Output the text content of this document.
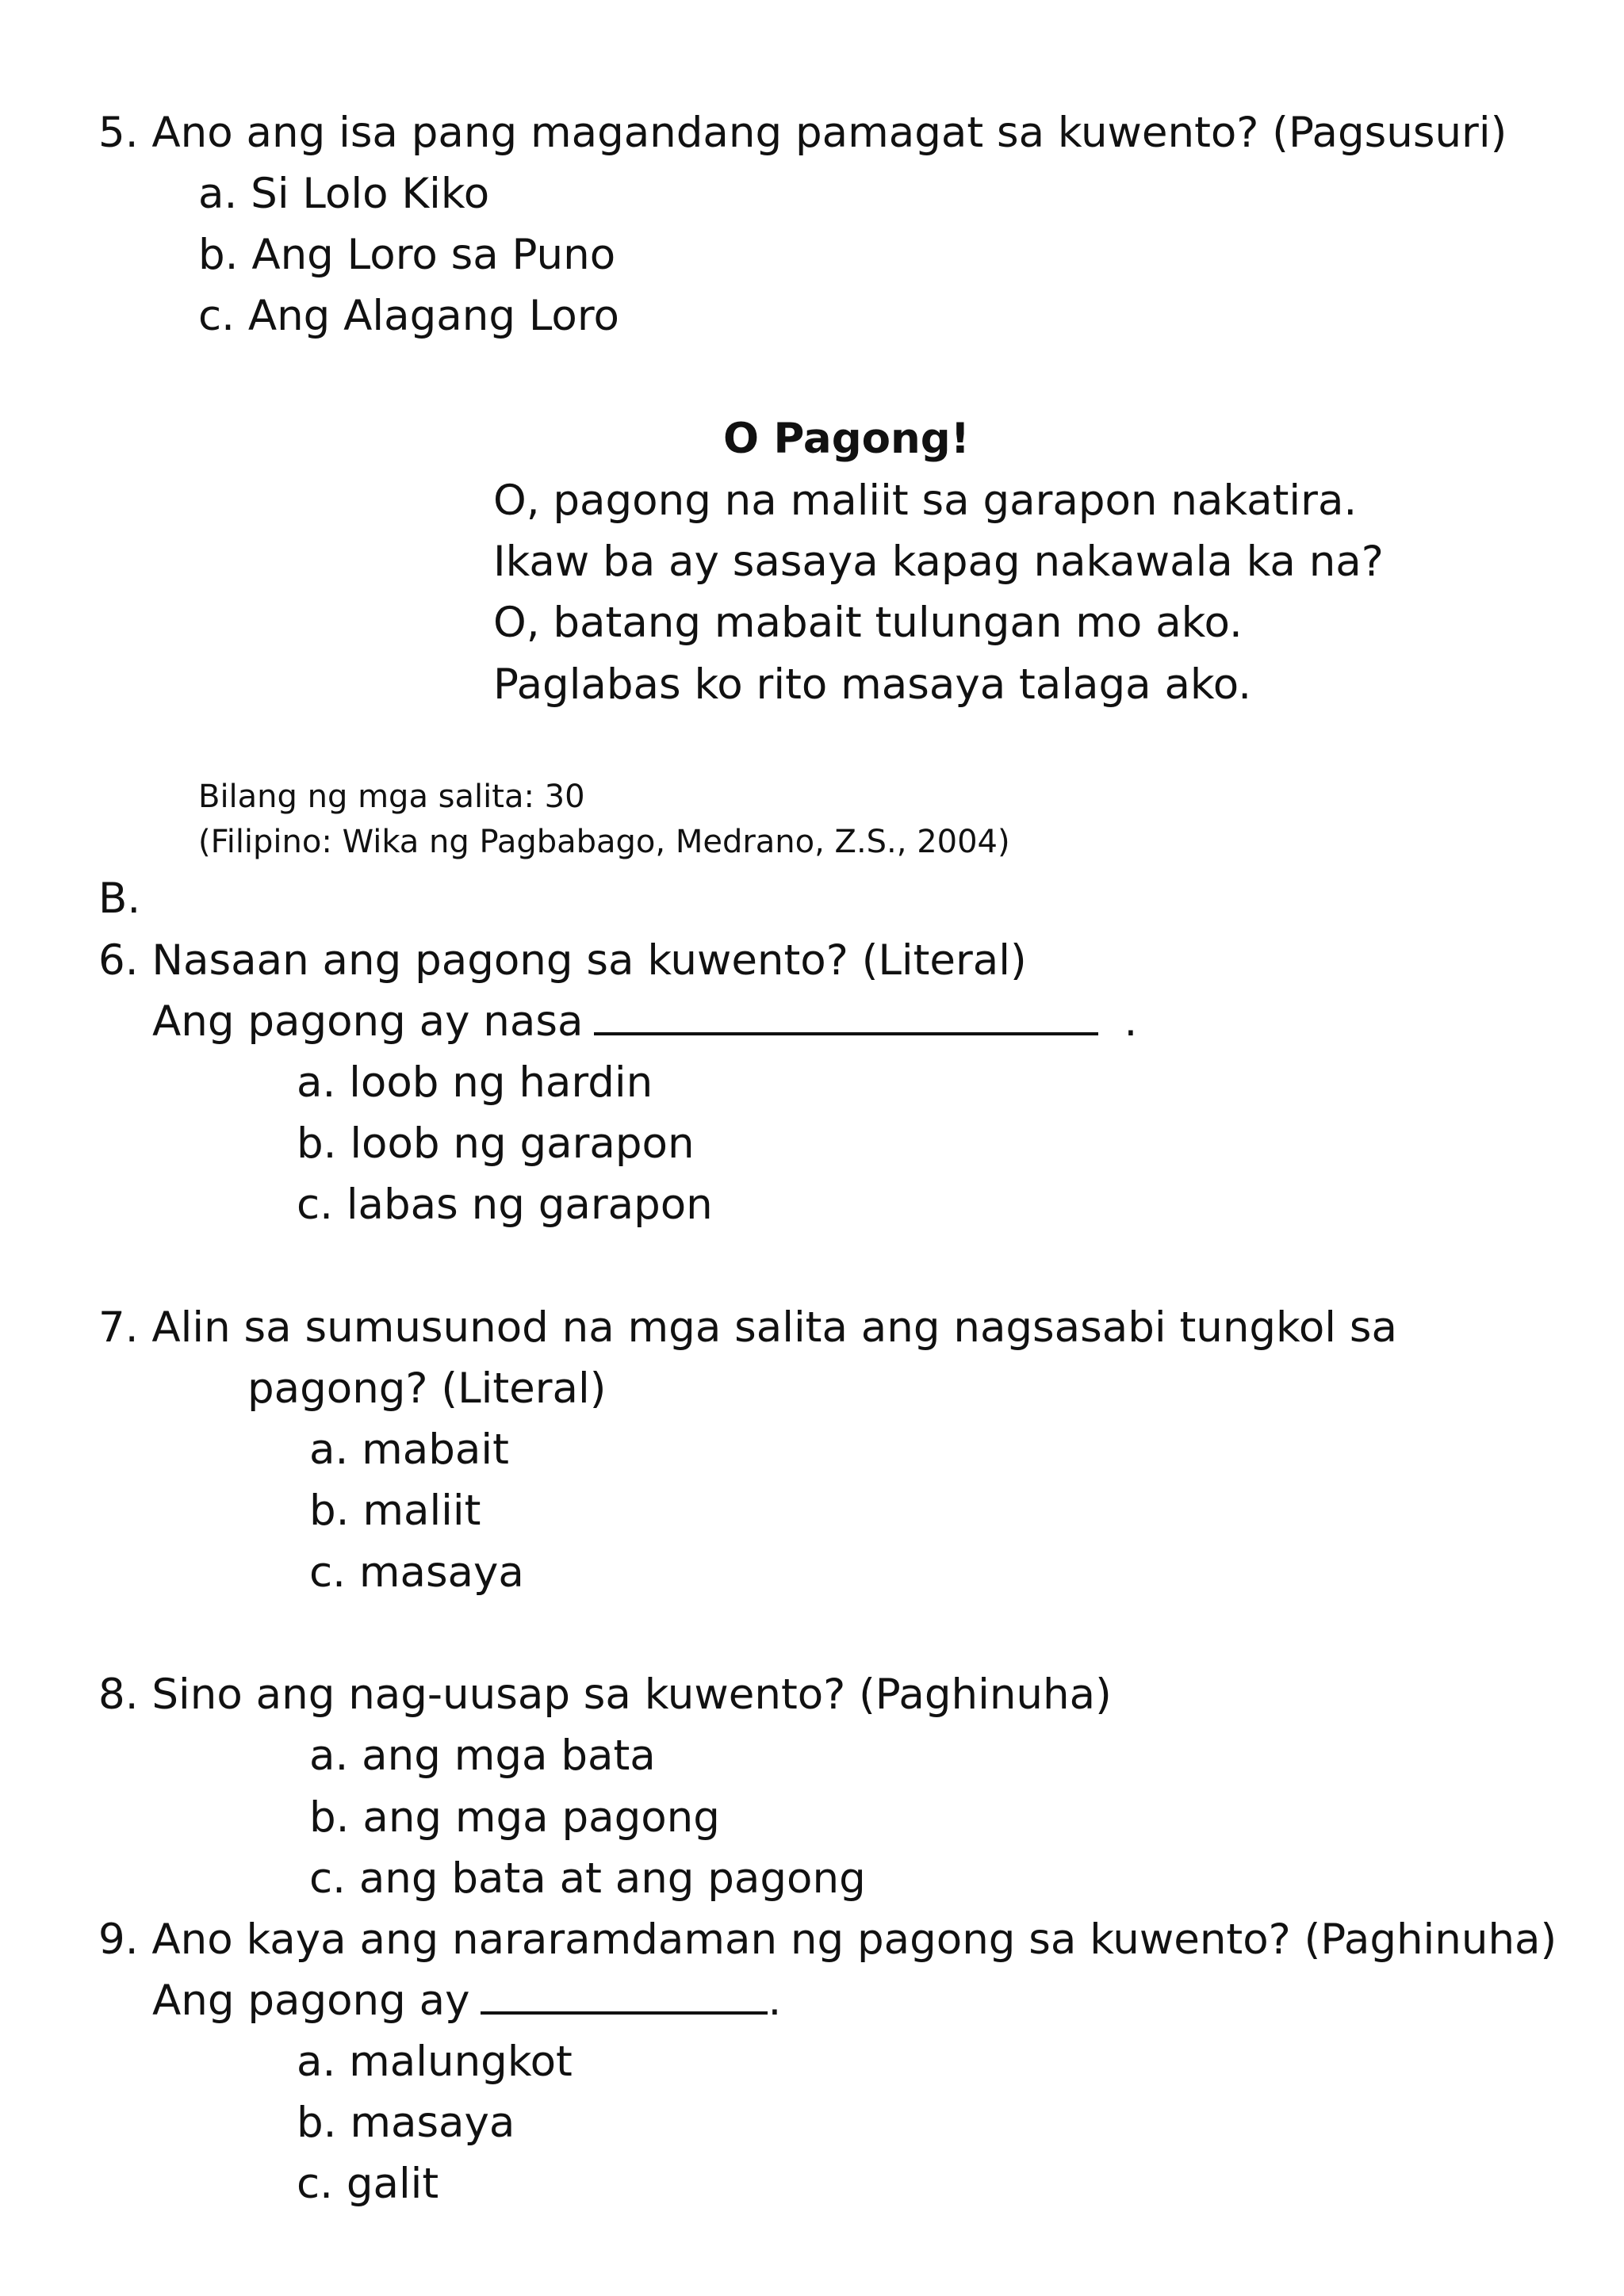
5. Ano ang isa pang magandang pamagat sa kuwento? (Pagsusuri)
a. Si Lolo Kiko
b. Ang Loro sa Puno
c. Ang Alagang Loro
O Pagong!
O, pagong na maliit sa garapon nakatira.
Ikaw ba ay sasaya kapag nakawala ka na?
O, batang mabait tulungan mo ako.
Paglabas ko rito masaya talaga ako.
Bilang ng mga salita: 30
(Filipino: Wika ng Pagbabago, Medrano, Z.S., 2004)
B.
6. Nasaan ang pagong sa kuwento? (Literal)
Ang pagong ay nasa	.
a. loob ng hardin
b. loob ng garapon
c. labas ng garapon
7. Alin sa sumusunod na mga salita ang nagsasabi tungkol sa
pagong? (Literal)
a. mabait
b. maliit
c. masaya
8. Sino ang nag-uusap sa kuwento? (Paghinuha)
a. ang mga bata
b. ang mga pagong
c. ang bata at ang pagong
9. Ano kaya ang nararamdaman ng pagong sa kuwento? (Paghinuha)
Ang pagong ay	.
a. malungkot
b. masaya
c. galit
